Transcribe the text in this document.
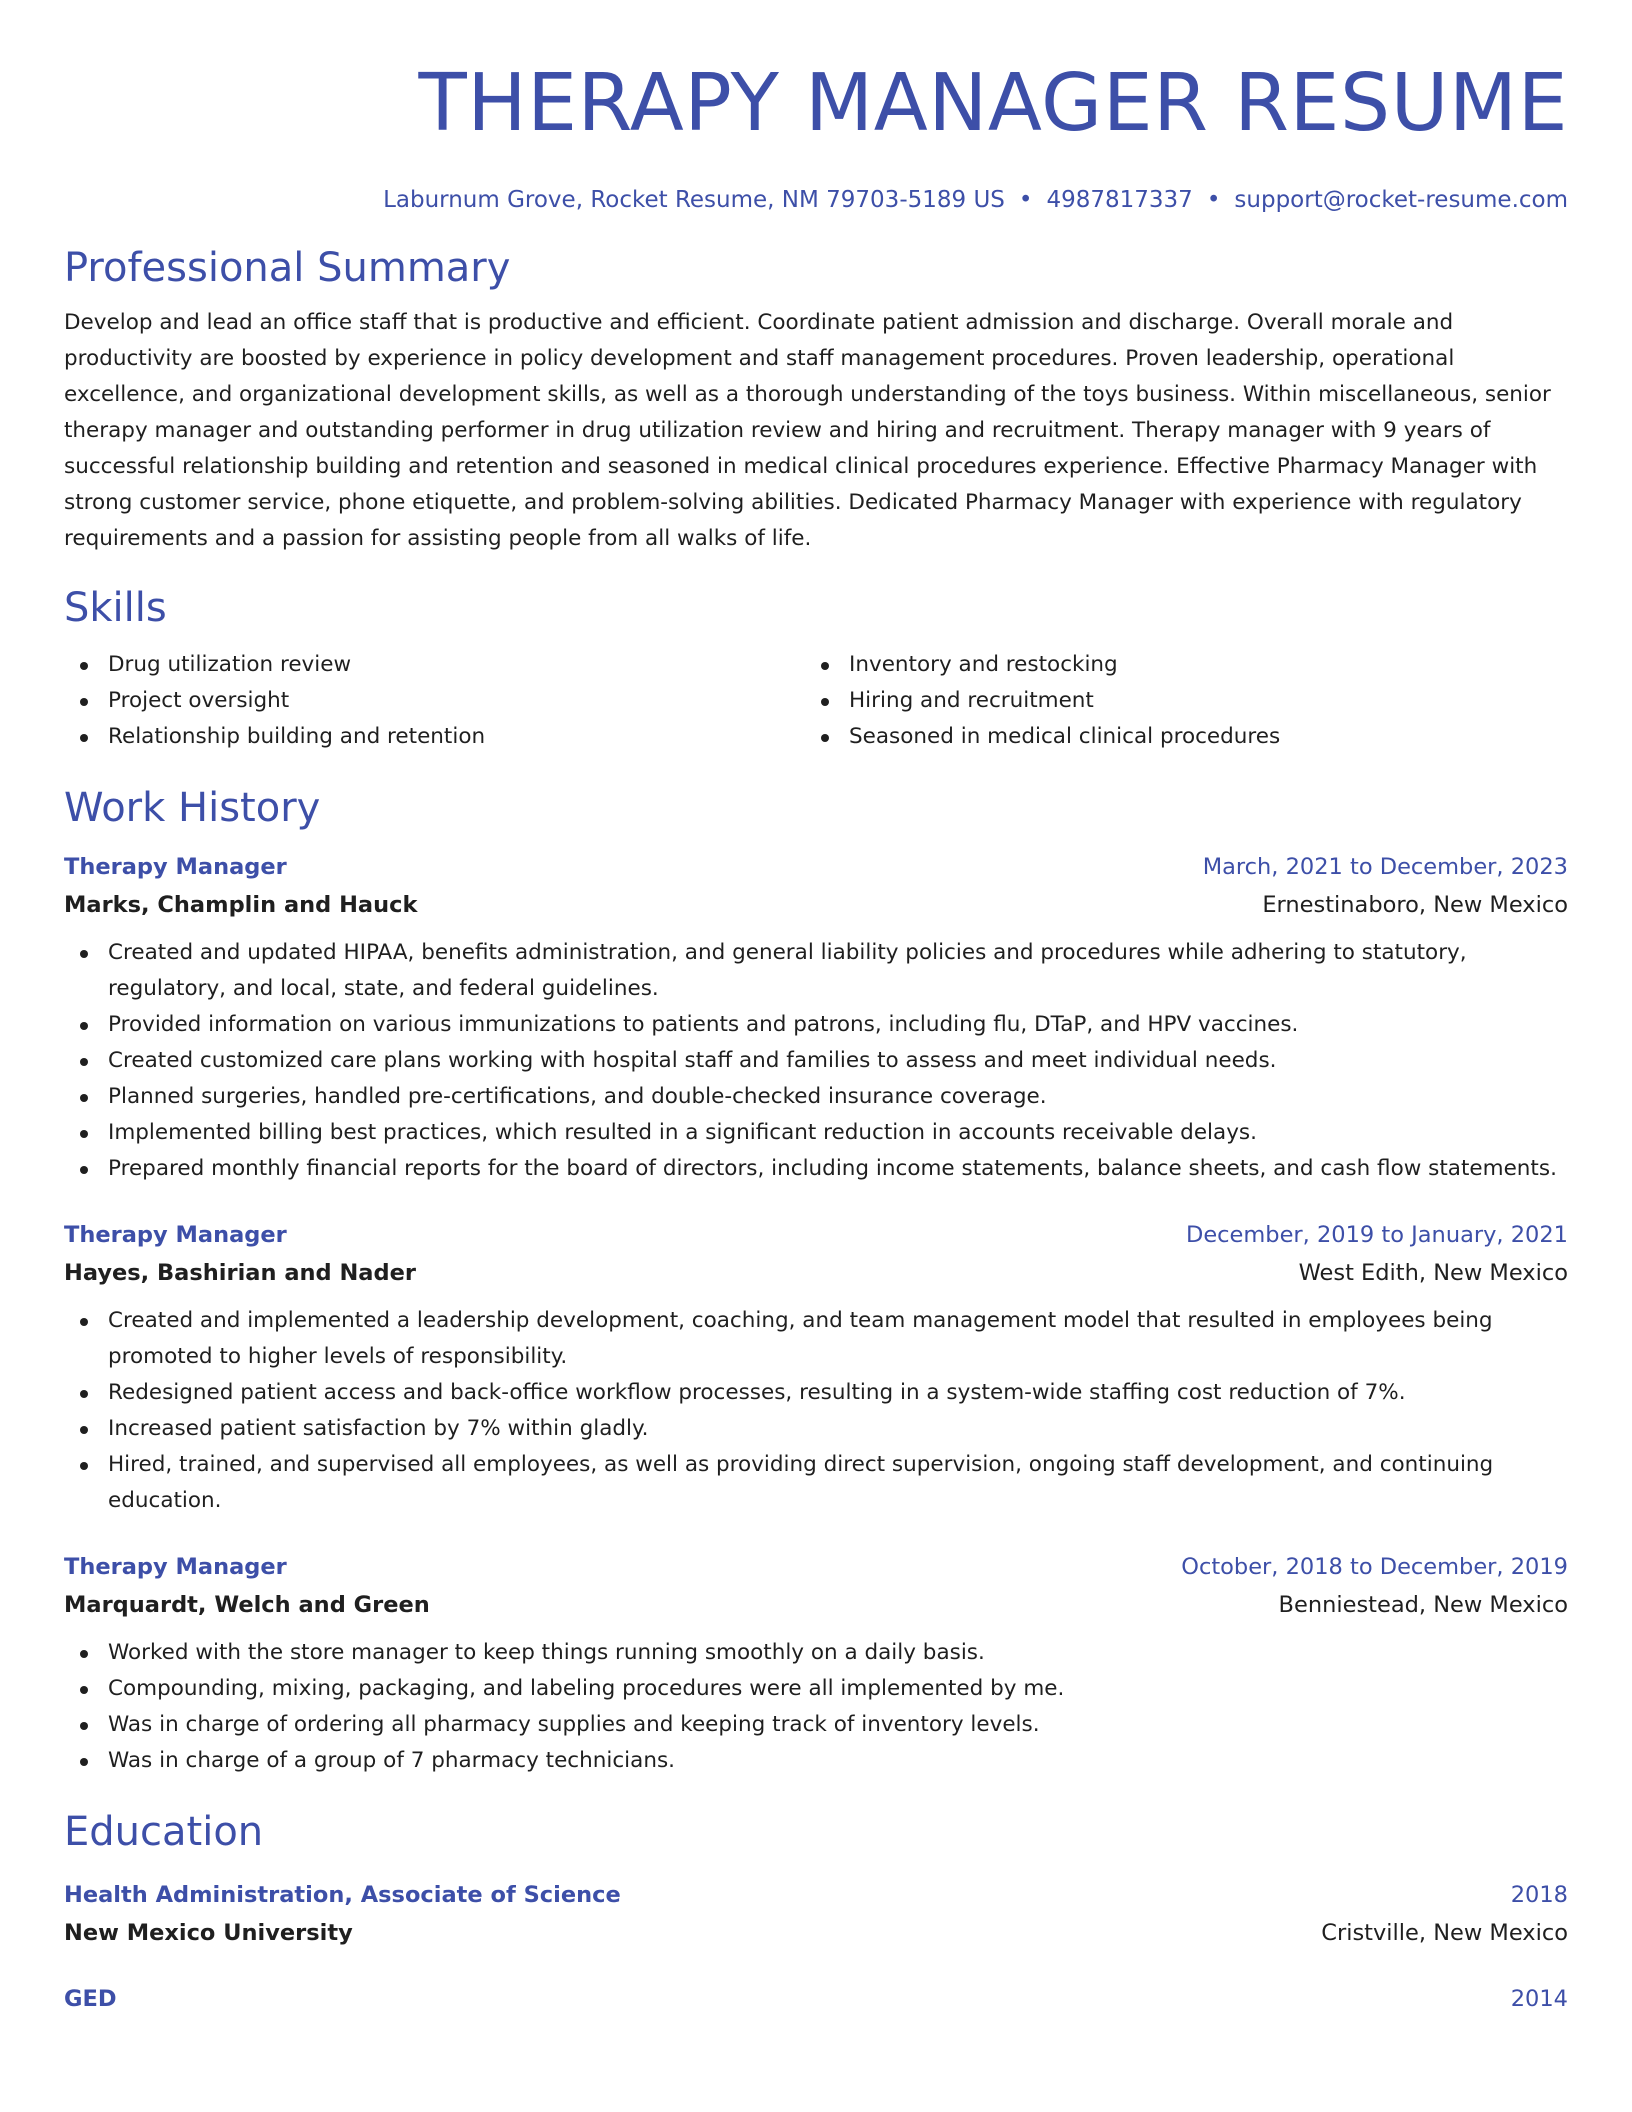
THERAPY MANAGER RESUME
Laburnum Grove, Rocket Resume, NM 79703-5189 US • 4987817337 • support@rocket-resume.com
Professional Summary
Develop and lead an office staff that is productive and efficient. Coordinate patient admission and discharge. Overall morale and productivity are boosted by experience in policy development and staff management procedures. Proven leadership, operational excellence, and organizational development skills, as well as a thorough understanding of the toys business. Within miscellaneous, senior therapy manager and outstanding performer in drug utilization review and hiring and recruitment. Therapy manager with 9 years of successful relationship building and retention and seasoned in medical clinical procedures experience. Effective Pharmacy Manager with strong customer service, phone etiquette, and problem-solving abilities. Dedicated Pharmacy Manager with experience with regulatory requirements and a passion for assisting people from all walks of life.
Skills
Drug utilization review
Project oversight
Relationship building and retention
Inventory and restocking
Hiring and recruitment
Seasoned in medical clinical procedures
Work History
Therapy Manager	March, 2021 to December, 2023
Marks, Champlin and Hauck	Ernestinaboro, New Mexico
Created and updated HIPAA, benefits administration, and general liability policies and procedures while adhering to statutory, regulatory, and local, state, and federal guidelines.
Provided information on various immunizations to patients and patrons, including flu, DTaP, and HPV vaccines.
Created customized care plans working with hospital staff and families to assess and meet individual needs.
Planned surgeries, handled pre-certifications, and double-checked insurance coverage.
Implemented billing best practices, which resulted in a significant reduction in accounts receivable delays.
Prepared monthly financial reports for the board of directors, including income statements, balance sheets, and cash flow statements.
Therapy Manager	December, 2019 to January, 2021
Hayes, Bashirian and Nader	West Edith, New Mexico
Created and implemented a leadership development, coaching, and team management model that resulted in employees being promoted to higher levels of responsibility.
Redesigned patient access and back-office workflow processes, resulting in a system-wide staffing cost reduction of 7%.
Increased patient satisfaction by 7% within gladly.
Hired, trained, and supervised all employees, as well as providing direct supervision, ongoing staff development, and continuing education.
Therapy Manager	October, 2018 to December, 2019
Marquardt, Welch and Green	Benniestead, New Mexico
Worked with the store manager to keep things running smoothly on a daily basis.
Compounding, mixing, packaging, and labeling procedures were all implemented by me.
Was in charge of ordering all pharmacy supplies and keeping track of inventory levels.
Was in charge of a group of 7 pharmacy technicians.
Education
Health Administration, Associate of Science	2018
New Mexico University	Cristville, New Mexico
GED	2014
